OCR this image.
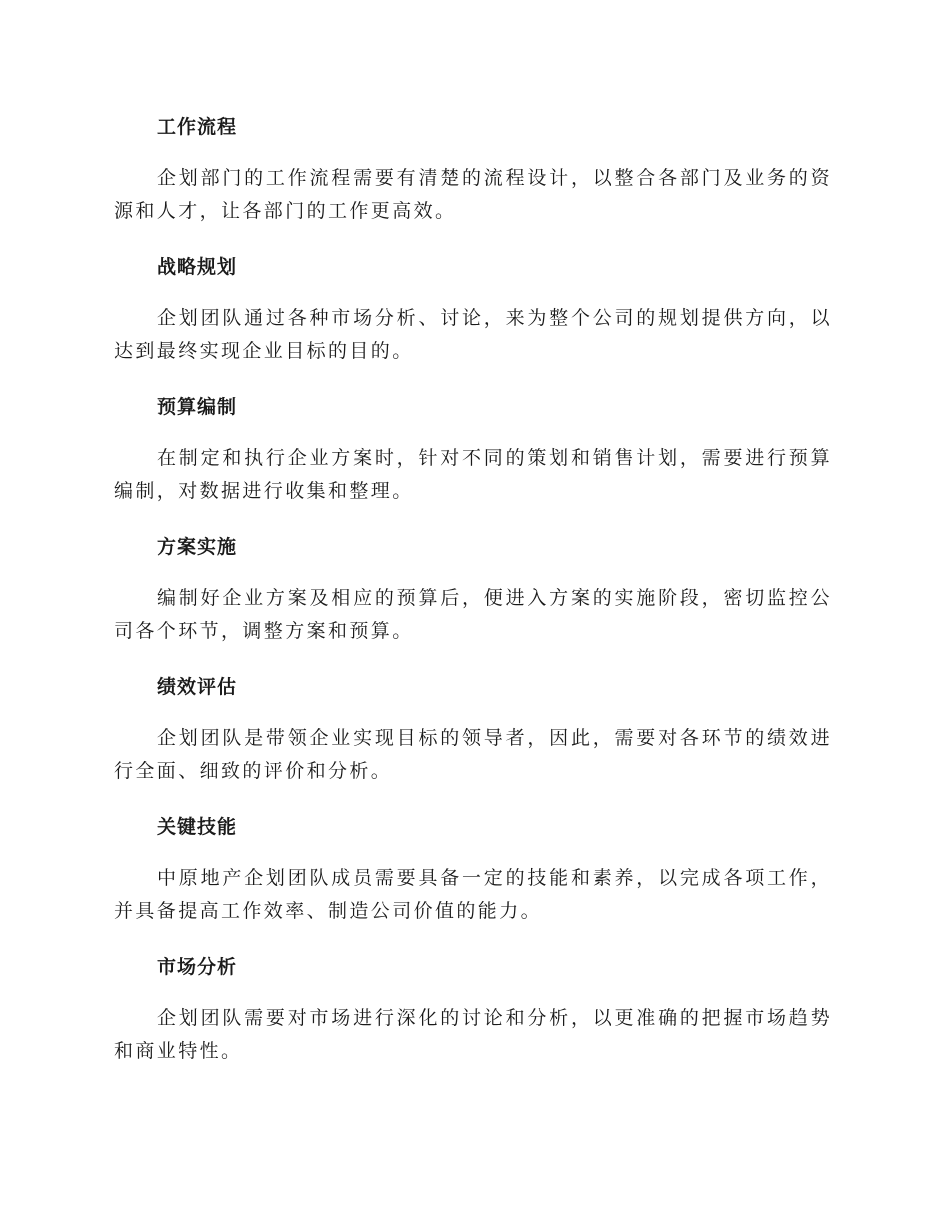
工作流程

企划部门的工作流程需要有清楚的流程设计，以整合各部门及业务的资源和人才，让各部门的工作更高效。

战略规划

企划团队通过各种市场分析、讨论，来为整个公司的规划提供方向，以达到最终实现企业目标的目的。

预算编制

在制定和执行企业方案时，针对不同的策划和销售计划，需要进行预算编制，对数据进行收集和整理。

方案实施

编制好企业方案及相应的预算后，便进入方案的实施阶段，密切监控公司各个环节，调整方案和预算。

绩效评估

企划团队是带领企业实现目标的领导者，因此，需要对各环节的绩效进行全面、细致的评价和分析。

关键技能

中原地产企划团队成员需要具备一定的技能和素养，以完成各项工作，并具备提高工作效率、制造公司价值的能力。

市场分析

企划团队需要对市场进行深化的讨论和分析，以更准确的把握市场趋势和商业特性。
